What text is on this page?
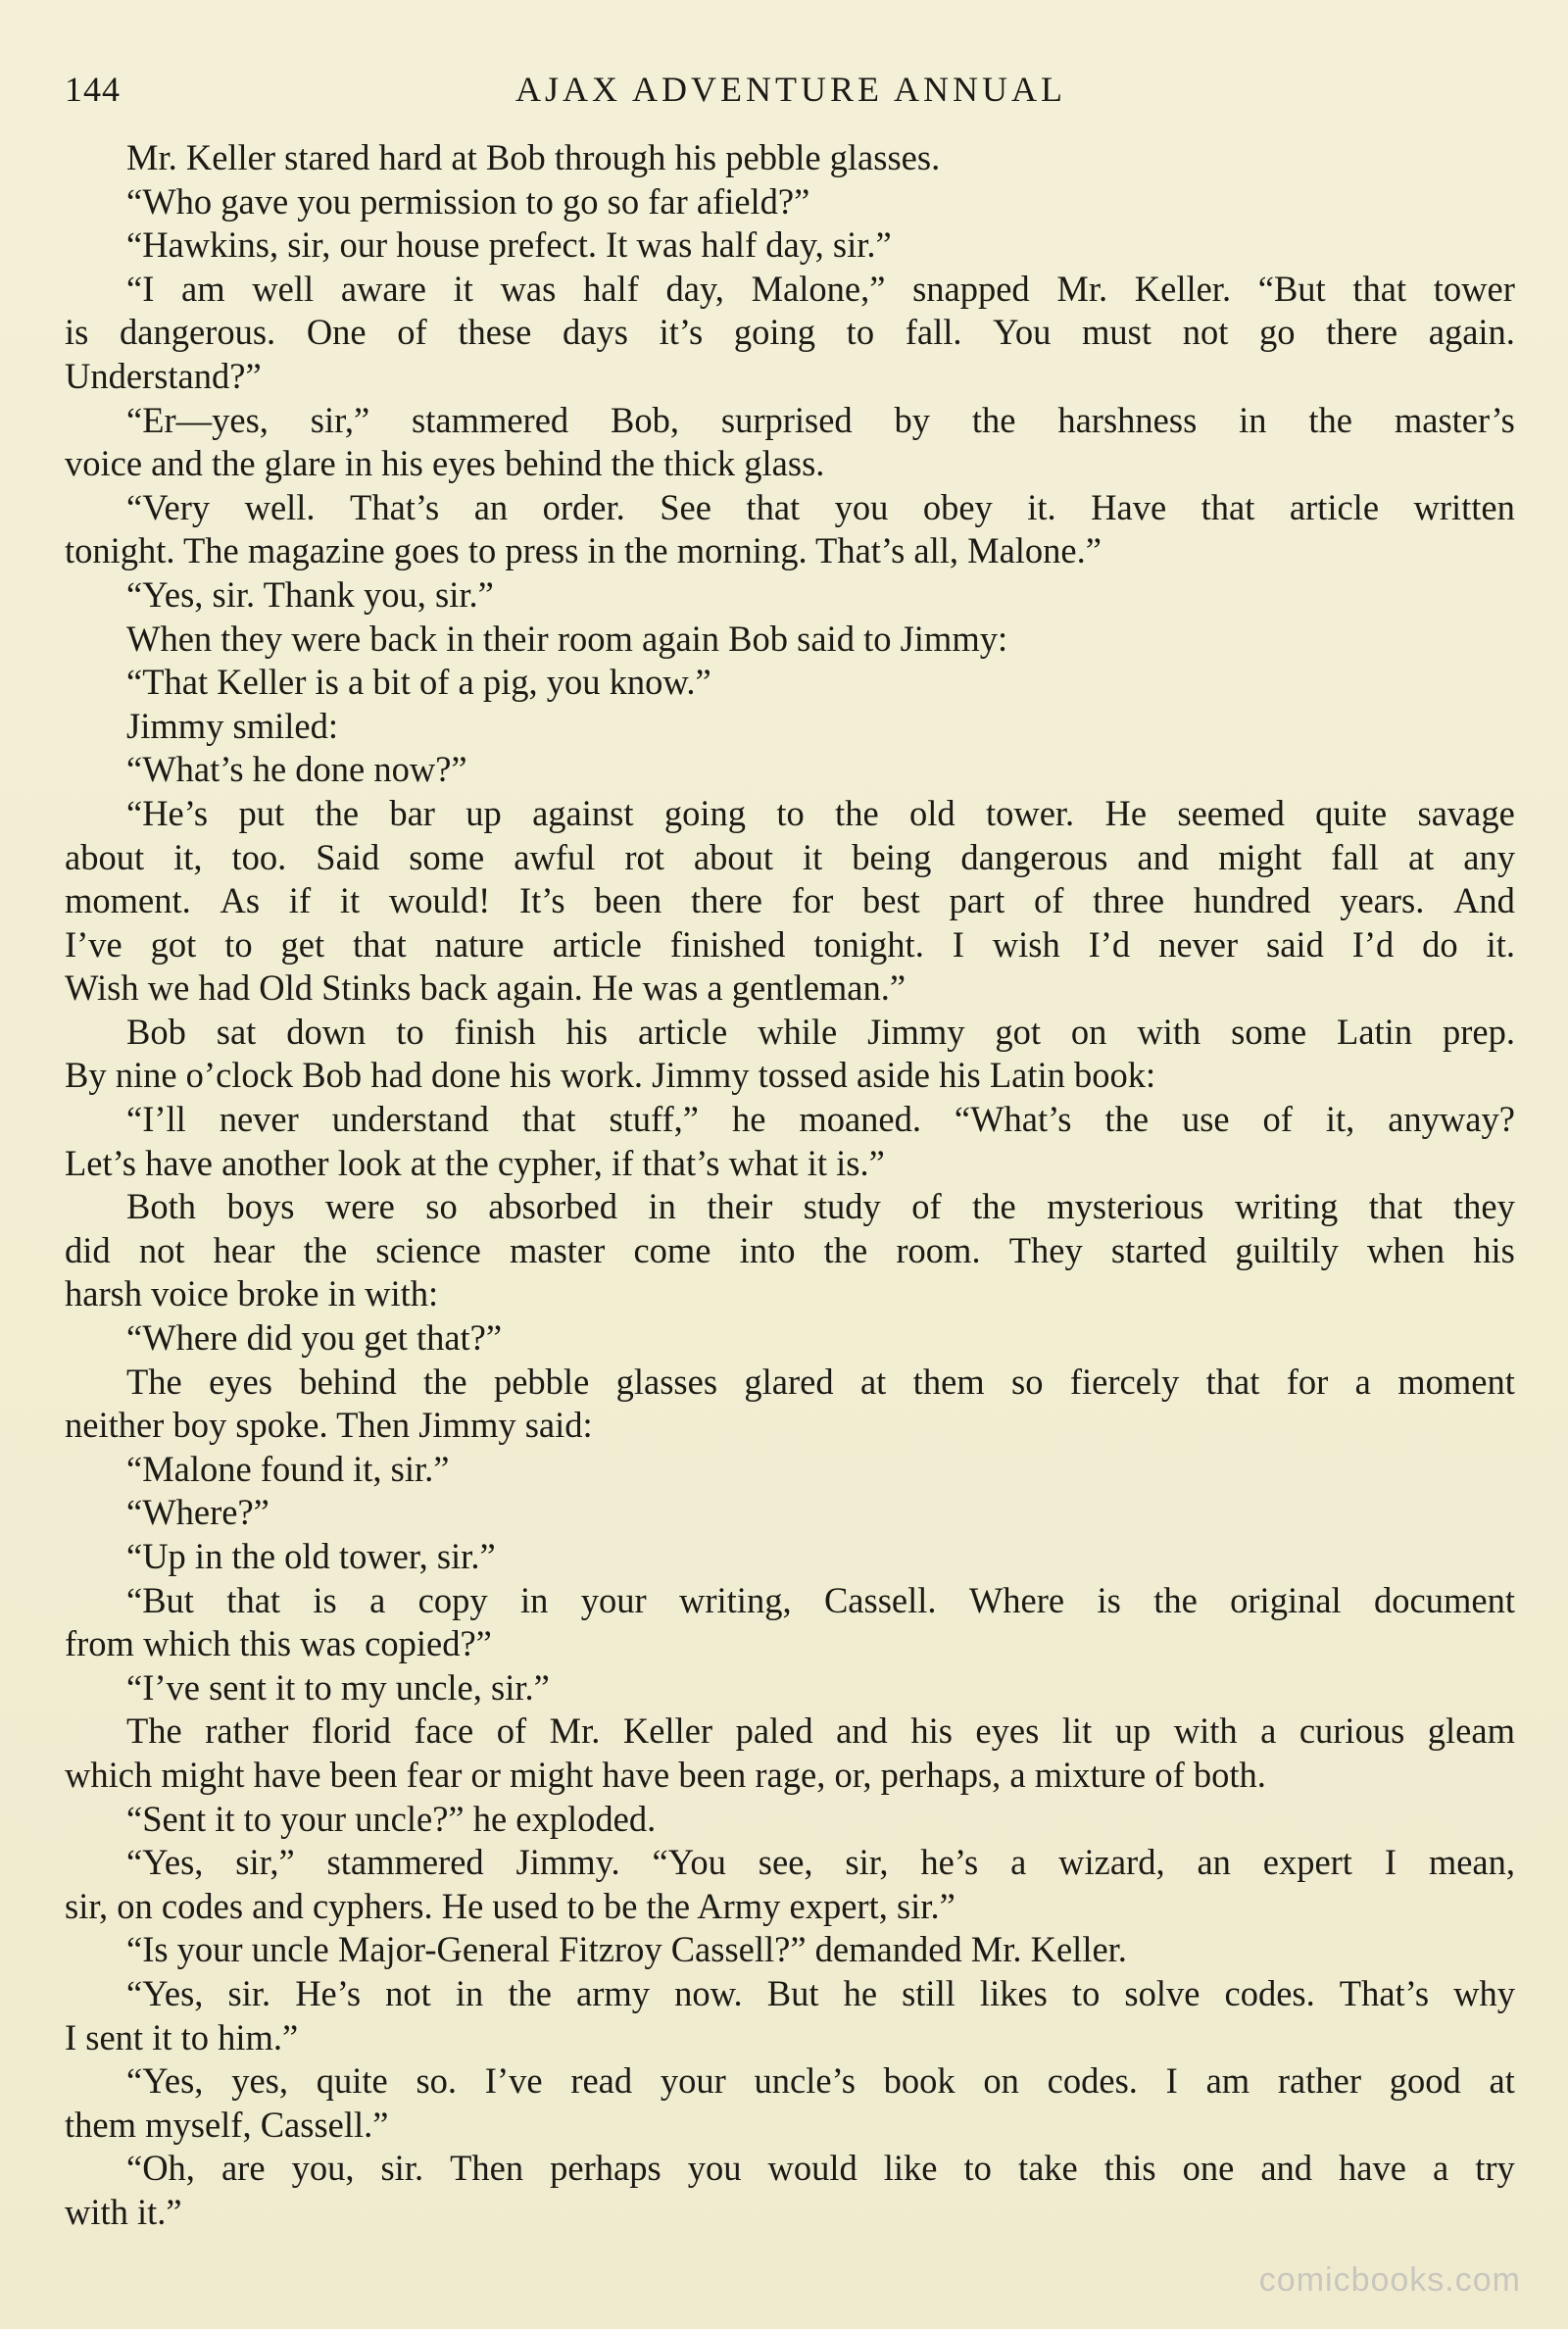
144	AJAX ADVENTURE ANNUAL
Mr. Keller stared hard at Bob through his pebble glasses.
“Who gave you permission to go so far afield?”
“Hawkins, sir, our house prefect. It was half day, sir.”
“I am well aware it was half day, Malone,” snapped Mr. Keller. “But that tower
is dangerous. One of these days it’s going to fall. You must not go there again.
Understand?”
“Er—yes, sir,” stammered Bob, surprised by the harshness in the master’s
voice and the glare in his eyes behind the thick glass.
“Very well. That’s an order. See that you obey it. Have that article written
tonight. The magazine goes to press in the morning. That’s all, Malone.”
“Yes, sir. Thank you, sir.”
When they were back in their room again Bob said to Jimmy:
“That Keller is a bit of a pig, you know.”
Jimmy smiled:
“What’s he done now?”
“He’s put the bar up against going to the old tower. He seemed quite savage
about it, too. Said some awful rot about it being dangerous and might fall at any
moment. As if it would! It’s been there for best part of three hundred years. And
I’ve got to get that nature article finished tonight. I wish I’d never said I’d do it.
Wish we had Old Stinks back again. He was a gentleman.”
Bob sat down to finish his article while Jimmy got on with some Latin prep.
By nine o’clock Bob had done his work. Jimmy tossed aside his Latin book:
“I’ll never understand that stuff,” he moaned. “What’s the use of it, anyway?
Let’s have another look at the cypher, if that’s what it is.”
Both boys were so absorbed in their study of the mysterious writing that they
did not hear the science master come into the room. They started guiltily when his
harsh voice broke in with:
“Where did you get that?”
The eyes behind the pebble glasses glared at them so fiercely that for a moment
neither boy spoke. Then Jimmy said:
“Malone found it, sir.”
“Where?”
“Up in the old tower, sir.”
“But that is a copy in your writing, Cassell. Where is the original document
from which this was copied?”
“I’ve sent it to my uncle, sir.”
The rather florid face of Mr. Keller paled and his eyes lit up with a curious gleam
which might have been fear or might have been rage, or, perhaps, a mixture of both.
“Sent it to your uncle?” he exploded.
“Yes, sir,” stammered Jimmy. “You see, sir, he’s a wizard, an expert I mean,
sir, on codes and cyphers. He used to be the Army expert, sir.”
“Is your uncle Major-General Fitzroy Cassell?” demanded Mr. Keller.
“Yes, sir. He’s not in the army now. But he still likes to solve codes. That’s why
I sent it to him.”
“Yes, yes, quite so. I’ve read your uncle’s book on codes. I am rather good at
them myself, Cassell.”
“Oh, are you, sir. Then perhaps you would like to take this one and have a try
with it.”
comicbooks.com
